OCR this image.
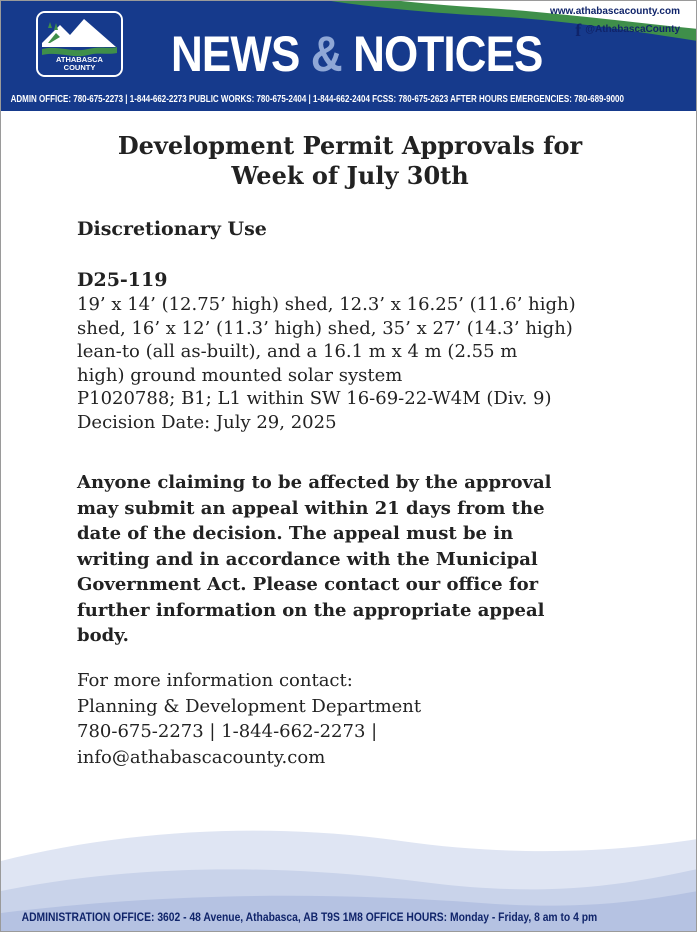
ATHABASCA
COUNTY	NEWS & NOTICES
www.athabascacounty.com
f @AthabascaCounty
ADMIN OFFICE: 780-675-2273 | 1-844-662-2273 PUBLIC WORKS: 780-675-2404 | 1-844-662-2404 FCSS: 780-675-2623 AFTER HOURS EMERGENCIES: 780-689-9000
Development Permit Approvals for
Week of July 30th
Discretionary Use
D25-119
19’ x 14’ (12.75’ high) shed, 12.3’ x 16.25’ (11.6’ high)
shed, 16’ x 12’ (11.3’ high) shed, 35’ x 27’ (14.3’ high)
lean-to (all as-built), and a 16.1 m x 4 m (2.55 m
high) ground mounted solar system
P1020788; B1; L1 within SW 16-69-22-W4M (Div. 9)
Decision Date: July 29, 2025
Anyone claiming to be affected by the approval
may submit an appeal within 21 days from the
date of the decision. The appeal must be in
writing and in accordance with the Municipal
Government Act. Please contact our office for
further information on the appropriate appeal
body.
For more information contact:
Planning & Development Department
780-675-2273 | 1-844-662-2273 |
info@athabascacounty.com
ADMINISTRATION OFFICE: 3602 - 48 Avenue, Athabasca, AB T9S 1M8 OFFICE HOURS: Monday - Friday, 8 am to 4 pm
